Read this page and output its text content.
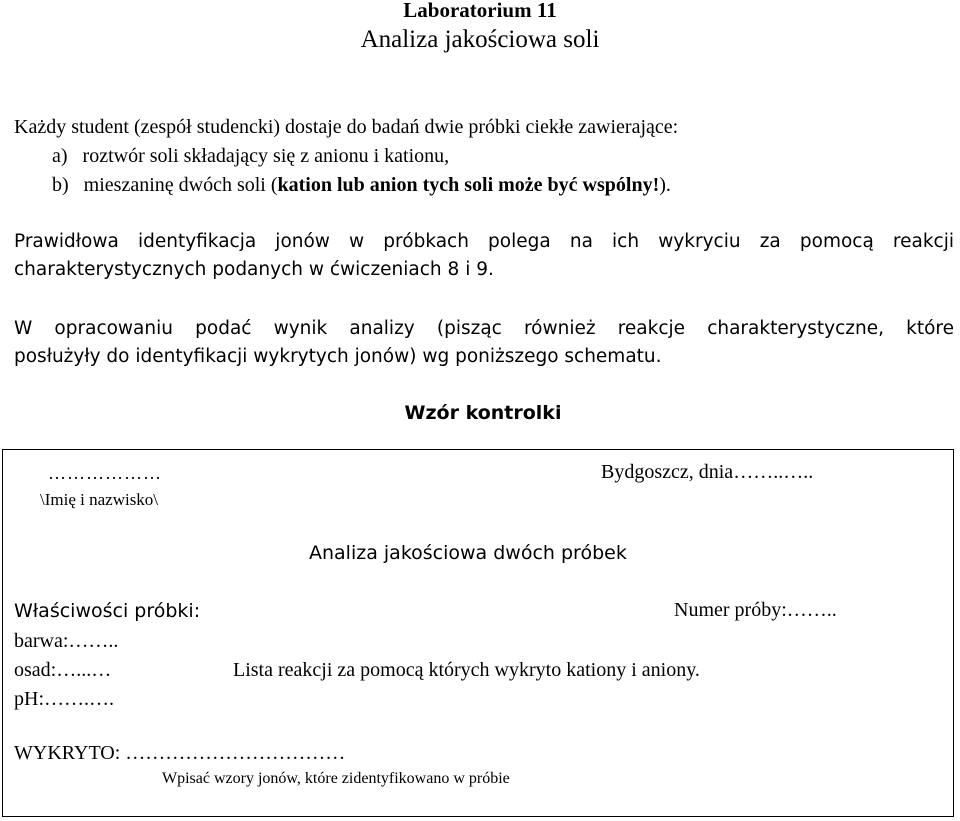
Laboratorium 11
Analiza jakościowa soli
Każdy student (zespół studencki) dostaje do badań dwie próbki ciekłe zawierające:
a) roztwór soli składający się z anionu i kationu,
b) mieszaninę dwóch soli (kation lub anion tych soli może być wspólny!).
Prawidłowa identyfikacja jonów w próbkach polega na ich wykryciu za pomocą reakcji
charakterystycznych podanych w ćwiczeniach 8 i 9.
W opracowaniu podać wynik analizy (pisząc również reakcje charakterystyczne, które
posłużyły do identyfikacji wykrytych jonów) wg poniższego schematu.
Wzór kontrolki
………………
\Imię i nazwisko\
Bydgoszcz, dnia……..…..
Analiza jakościowa dwóch próbek
Właściwości próbki:	Numer próby:……..
barwa:……..
osad:…...…	Lista reakcji za pomocą których wykryto kationy i aniony.
pH:…….….
WYKRYTO: ……………………………
Wpisać wzory jonów, które zidentyfikowano w próbie
